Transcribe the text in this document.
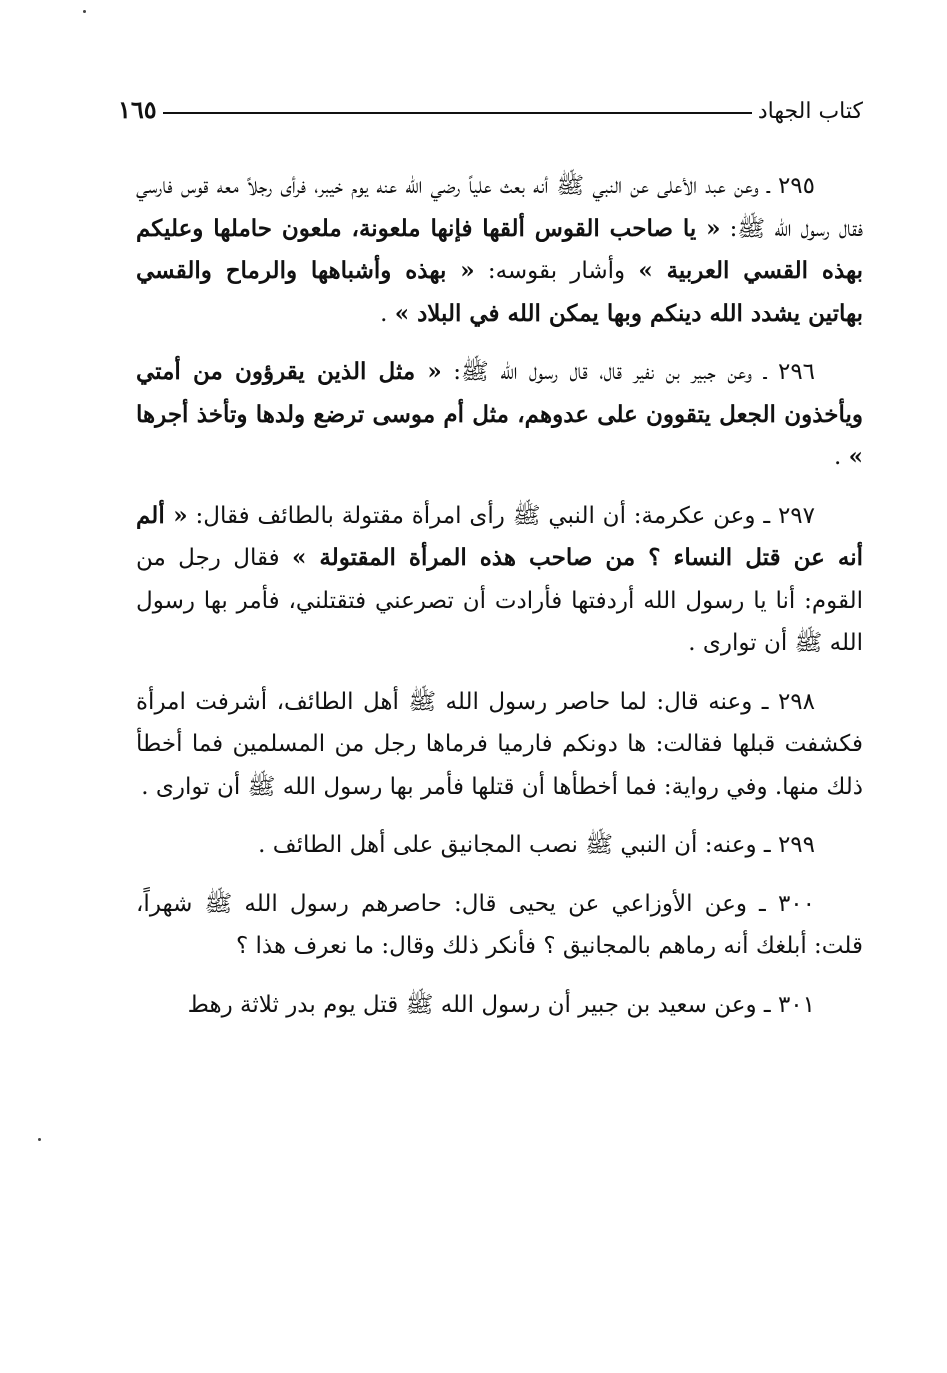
كتاب الجهاد
١٦٥

٢٩٥ ـ وعن عبد الأعلى عن النبي ﷺ أنه بعث علياً رضي الله عنه يوم خيبر، فرأى رجلاً معه قوس فارسي فقال رسول الله ﷺ: « يا صاحب القوس ألقها فإنها ملعونة، ملعون حاملها وعليكم بهذه القسي العربية » وأشار بقوسه: « بهذه وأشباهها والرماح والقسي بهاتين يشدد الله دينكم وبها يمكن الله في البلاد » .

٢٩٦ ـ وعن جبير بن نفير قال، قال رسول الله ﷺ: « مثل الذين يقرؤون من أمتي ويأخذون الجعل يتقوون على عدوهم، مثل أم موسى ترضع ولدها وتأخذ أجرها » .

٢٩٧ ـ وعن عكرمة: أن النبي ﷺ رأى امرأة مقتولة بالطائف فقال: « ألم أنه عن قتل النساء ؟ من صاحب هذه المرأة المقتولة » فقال رجل من القوم: أنا يا رسول الله أردفتها فأرادت أن تصرعني فتقتلني، فأمر بها رسول الله ﷺ أن توارى .

٢٩٨ ـ وعنه قال: لما حاصر رسول الله ﷺ أهل الطائف، أشرفت امرأة فكشفت قبلها فقالت: ها دونكم فارميا فرماها رجل من المسلمين فما أخطأ ذلك منها. وفي رواية: فما أخطأها أن قتلها فأمر بها رسول الله ﷺ أن توارى .

٢٩٩ ـ وعنه: أن النبي ﷺ نصب المجانيق على أهل الطائف .

٣٠٠ ـ وعن الأوزاعي عن يحيى قال: حاصرهم رسول الله ﷺ شهراً، قلت: أبلغك أنه رماهم بالمجانيق ؟ فأنكر ذلك وقال: ما نعرف هذا ؟

٣٠١ ـ وعن سعيد بن جبير أن رسول الله ﷺ قتل يوم بدر ثلاثة رهط
